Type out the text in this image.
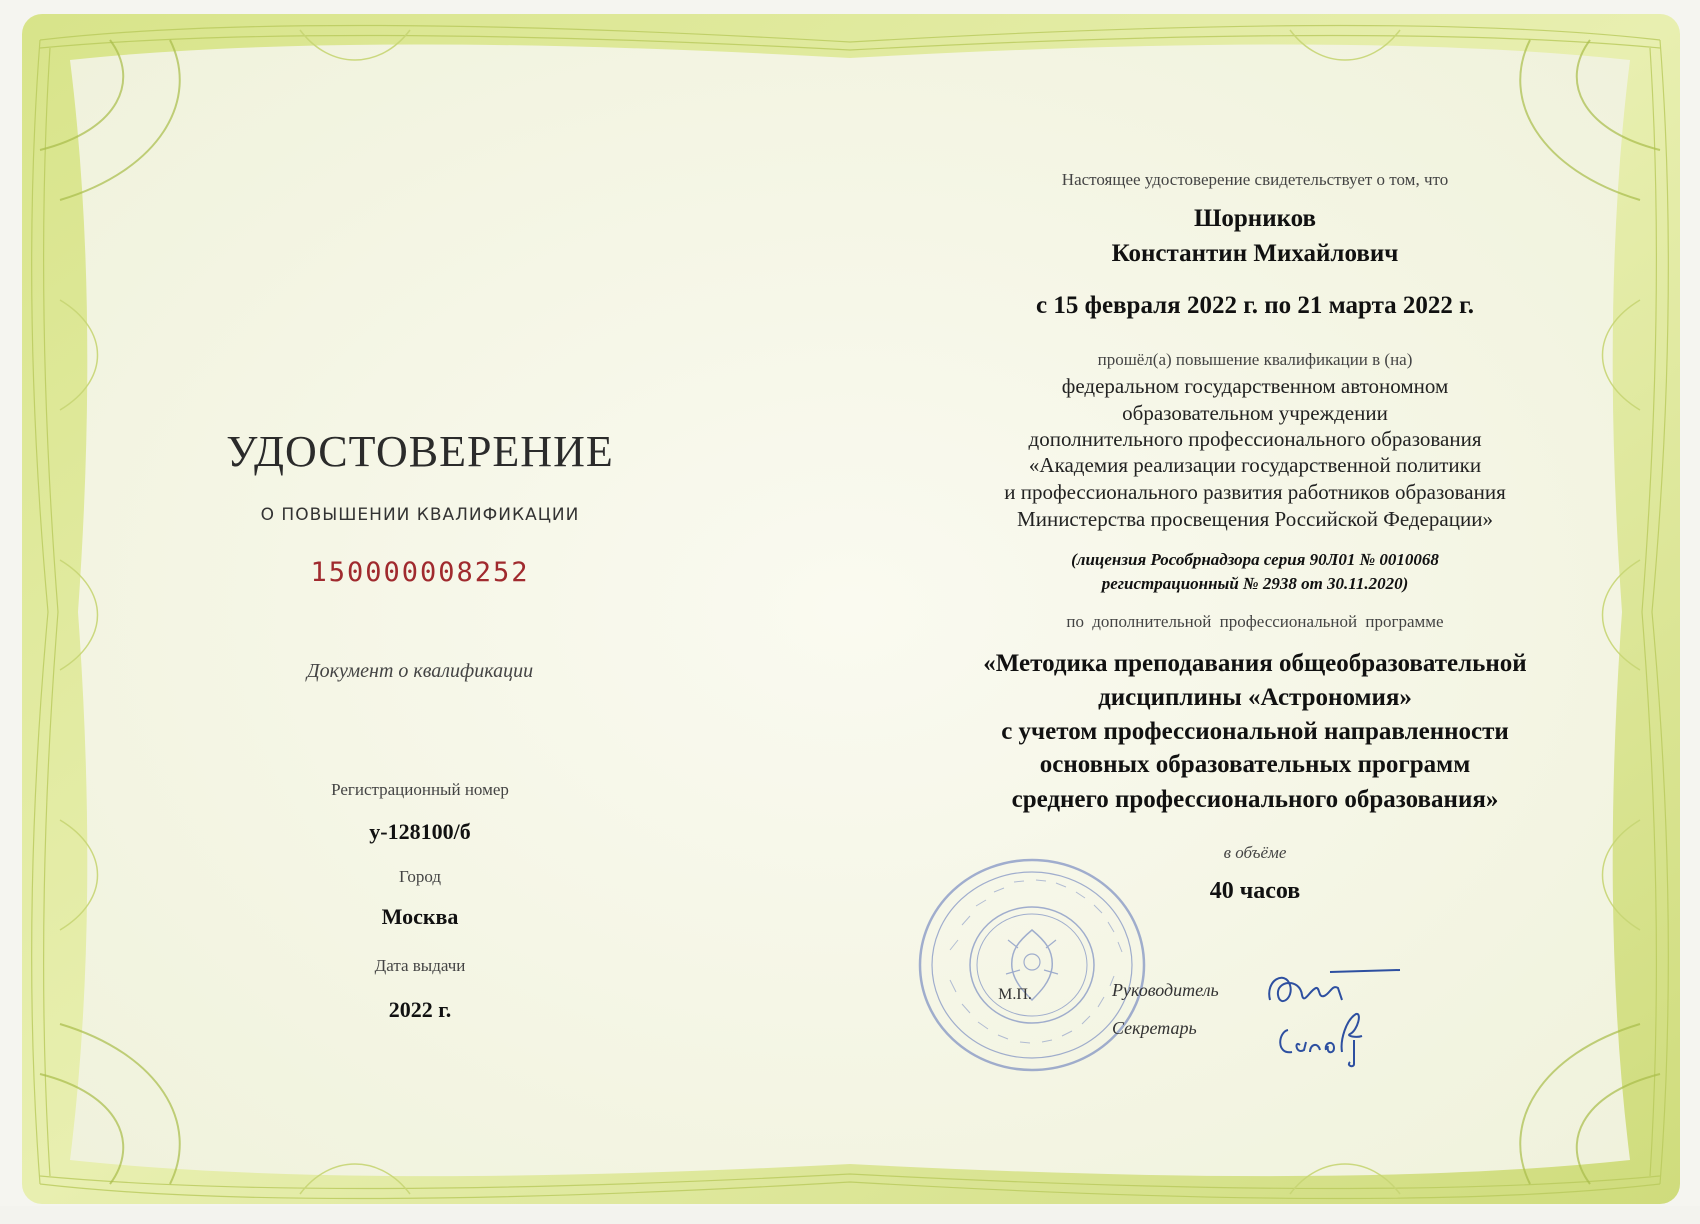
УДОСТОВЕРЕНИЕ
О ПОВЫШЕНИИ КВАЛИФИКАЦИИ
150000008252
Документ о квалификации
Регистрационный номер
у-128100/б
Город
Москва
Дата выдачи
2022 г.
Настоящее удостоверение свидетельствует о том, что
Шорников
Константин Михайлович
с 15 февраля 2022 г. по 21 марта 2022 г.
прошёл(а) повышение квалификации в (на)
федеральном государственном автономном
образовательном учреждении
дополнительного профессионального образования
«Академия реализации государственной политики
и профессионального развития работников образования
Министерства просвещения Российской Федерации»
(лицензия Рособрнадзора серия 90Л01 № 0010068
регистрационный № 2938 от 30.11.2020)
по дополнительной профессиональной программе
«Методика преподавания общеобразовательной
дисциплины «Астрономия»
с учетом профессиональной направленности
основных образовательных программ
среднего профессионального образования»
в объёме
40 часов
М.П.	Руководитель
Секретарь
